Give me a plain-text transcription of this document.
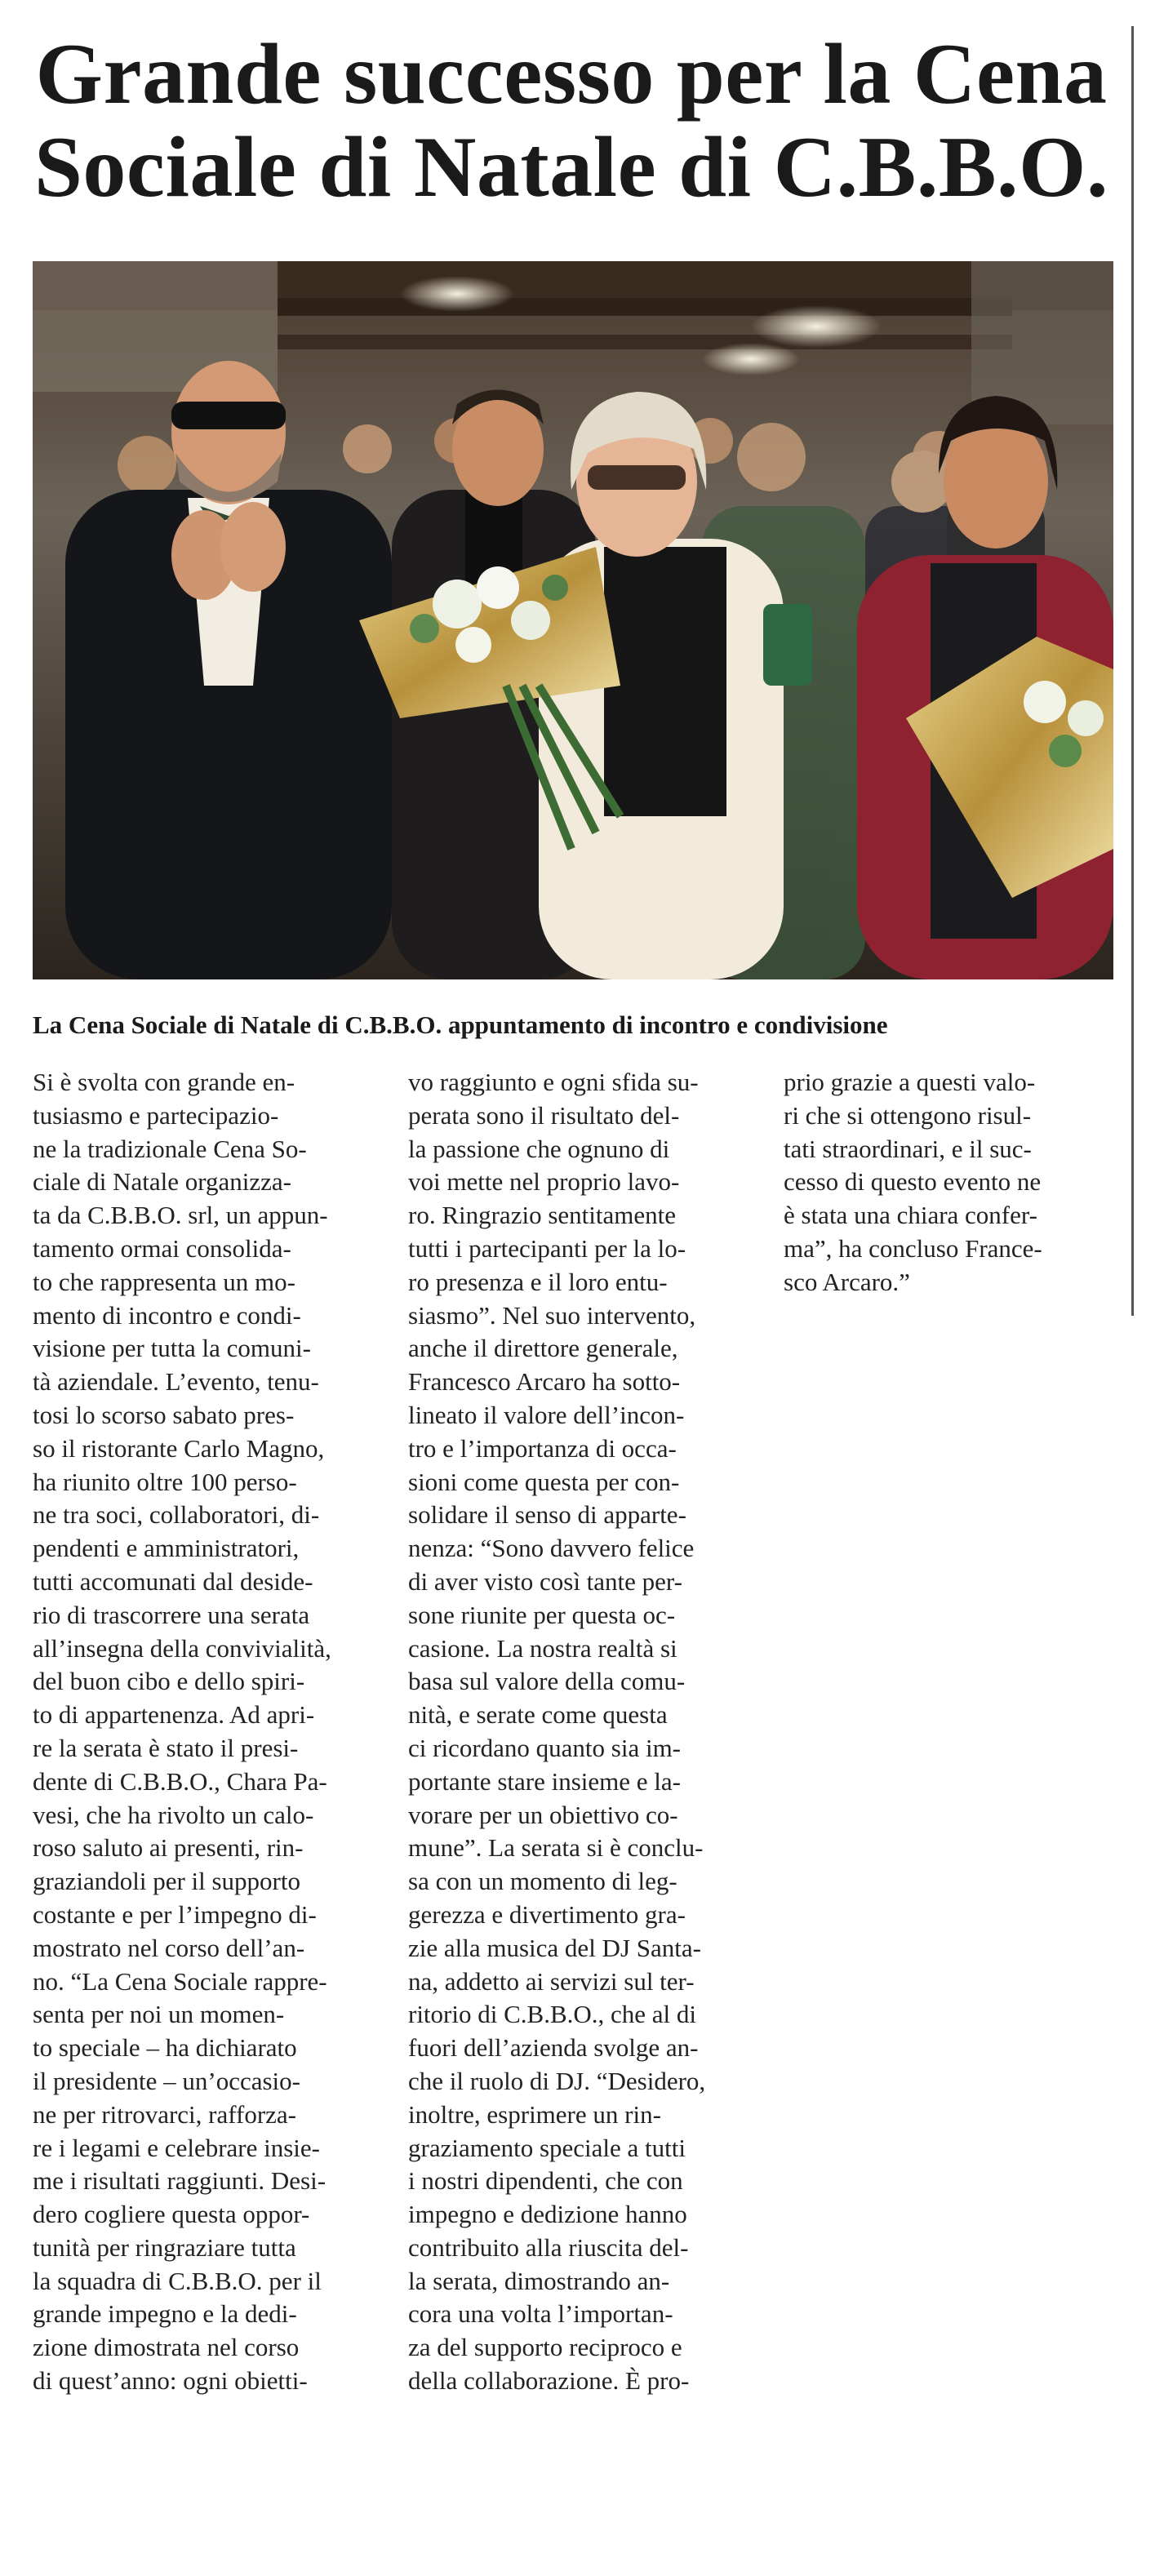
Grande successo per la Cena
Sociale di Natale di C.B.B.O.

La Cena Sociale di Natale di C.B.B.O. appuntamento di incontro e condivisione

Si è svolta con grande en-
tusiasmo e partecipazio-
ne la tradizionale Cena So-
ciale di Natale organizza-
ta da C.B.B.O. srl, un appun-
tamento ormai consolida-
to che rappresenta un mo-
mento di incontro e condi-
visione per tutta la comuni-
tà aziendale. L’evento, tenu-
tosi lo scorso sabato pres-
so il ristorante Carlo Magno,
ha riunito oltre 100 perso-
ne tra soci, collaboratori, di-
pendenti e amministratori,
tutti accomunati dal deside-
rio di trascorrere una serata
all’insegna della convivialità,
del buon cibo e dello spiri-
to di appartenenza. Ad apri-
re la serata è stato il presi-
dente di C.B.B.O., Chara Pa-
vesi, che ha rivolto un calo-
roso saluto ai presenti, rin-
graziandoli per il supporto
costante e per l’impegno di-
mostrato nel corso dell’an-
no. “La Cena Sociale rappre-
senta per noi un momen-
to speciale – ha dichiarato
il presidente – un’occasio-
ne per ritrovarci, rafforza-
re i legami e celebrare insie-
me i risultati raggiunti. Desi-
dero cogliere questa oppor-
tunità per ringraziare tutta
la squadra di C.B.B.O. per il
grande impegno e la dedi-
zione dimostrata nel corso
di quest’anno: ogni obietti-
vo raggiunto e ogni sfida su-
perata sono il risultato del-
la passione che ognuno di
voi mette nel proprio lavo-
ro. Ringrazio sentitamente
tutti i partecipanti per la lo-
ro presenza e il loro entu-
siasmo”. Nel suo intervento,
anche il direttore generale,
Francesco Arcaro ha sotto-
lineato il valore dell’incon-
tro e l’importanza di occa-
sioni come questa per con-
solidare il senso di apparte-
nenza: “Sono davvero felice
di aver visto così tante per-
sone riunite per questa oc-
casione. La nostra realtà si
basa sul valore della comu-
nità, e serate come questa
ci ricordano quanto sia im-
portante stare insieme e la-
vorare per un obiettivo co-
mune”. La serata si è conclu-
sa con un momento di leg-
gerezza e divertimento gra-
zie alla musica del DJ Santa-
na, addetto ai servizi sul ter-
ritorio di C.B.B.O., che al di
fuori dell’azienda svolge an-
che il ruolo di DJ. “Desidero,
inoltre, esprimere un rin-
graziamento speciale a tutti
i nostri dipendenti, che con
impegno e dedizione hanno
contribuito alla riuscita del-
la serata, dimostrando an-
cora una volta l’importan-
za del supporto reciproco e
della collaborazione. È pro-
prio grazie a questi valo-
ri che si ottengono risul-
tati straordinari, e il suc-
cesso di questo evento ne
è stata una chiara confer-
ma”, ha concluso France-
sco Arcaro.”
